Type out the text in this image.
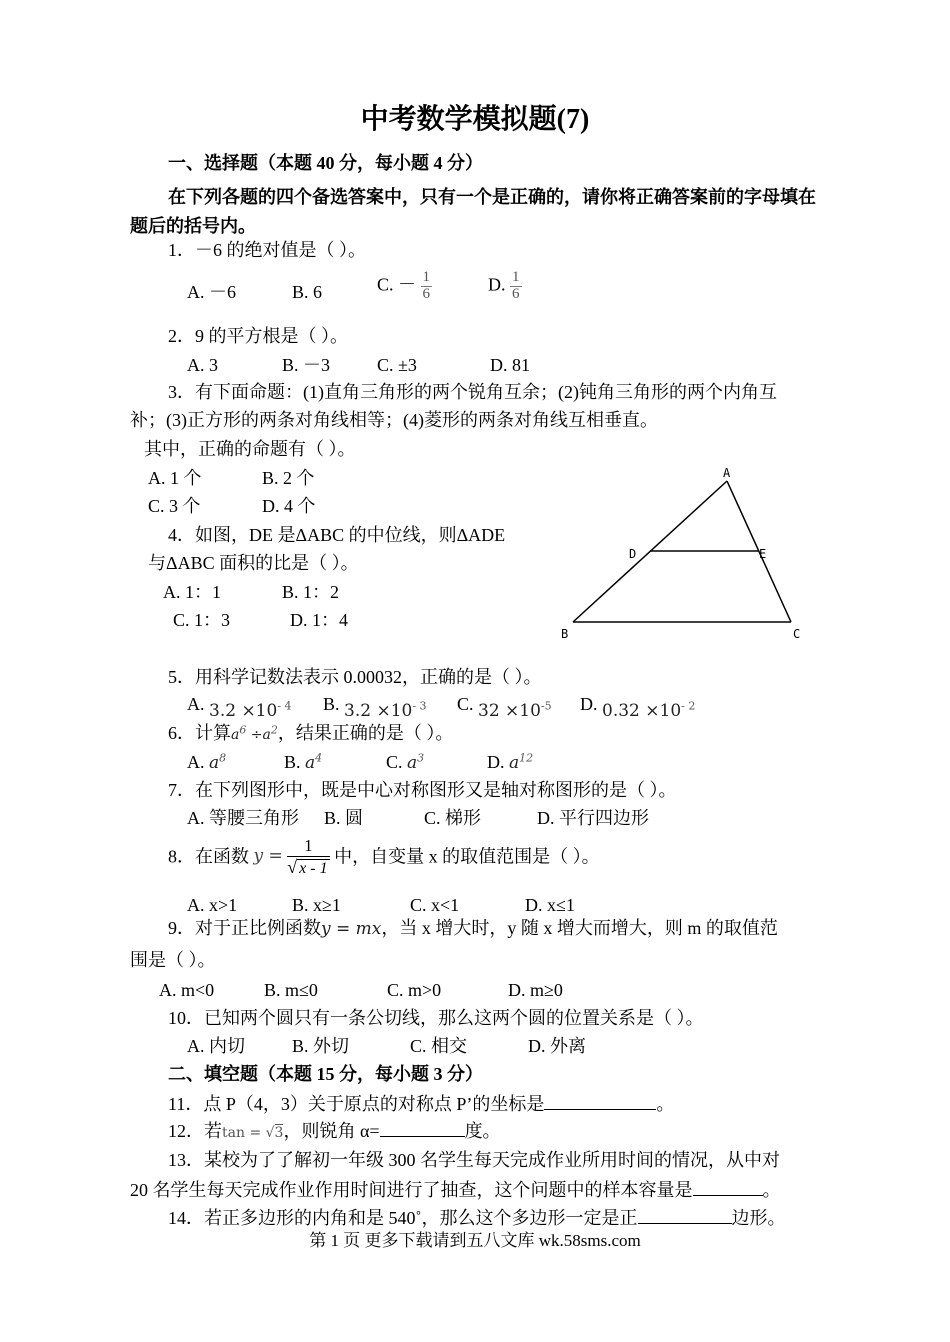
中考数学模拟题(7)
一、选择题（本题 40 分，每小题 4 分）
在下列各题的四个备选答案中，只有一个是正确的，请你将正确答案前的字母填在题后的括号内。
1．－6 的绝对值是（ ）。
A. －6	B. 6	C. － $\frac{1}{6}$	D. $\frac{1}{6}$
2．9 的平方根是（ ）。
A. 3	B. －3	C. ±3	D. 81
3．有下面命题：(1)直角三角形的两个锐角互余；(2)钝角三角形的两个内角互
补；(3)正方形的两条对角线相等；(4)菱形的两条对角线互相垂直。
其中，正确的命题有（ ）。
A. 1 个	B. 2 个
C. 3 个	D. 4 个
4．如图，DE 是ΔABC 的中位线，则ΔADE
与ΔABC 面积的比是（ ）。
A. 1：1	B. 1：2
C. 1：3	D. 1：4
A
B	C
D	E
5．用科学记数法表示 0.00032，正确的是（ ）。
A. $3.2 \times 10^{- 4}$ B. $3.2 \times 10^{- 3}$ C. $32 \times 10^{-5}$ D. $0.32 \times 10^{- 2}$
6．计算$a^6 \div a^2$，结果正确的是（ ）。
A. $a^8$	B. $a^4$	C. $a^3$	D. $a^{12}$
7．在下列图形中，既是中心对称图形又是轴对称图形的是（ ）。
A. 等腰三角形 B. 圆	C. 梯形	D. 平行四边形
8．在函数 $y = \frac{1}{√ x - 1}$ 中，自变量 x 的取值范围是（ ）。
A. x>1	B. x≥1	C. x<1	D. x≤1
9．对于正比例函数y = mx，当 x 增大时，y 随 x 增大而增大，则 m 的取值范
围是（ ）。
A. m<0	B. m≤0	C. m>0	D. m≥0
10．已知两个圆只有一条公切线，那么这两个圆的位置关系是（ ）。
A. 内切	B. 外切	C. 相交	D. 外离
二、填空题（本题 15 分，每小题 3 分）
11．点 P（4，3）关于原点的对称点 P’的坐标是	。
12．若tan = √3，则锐角 α=	度。
13．某校为了了解初一年级 300 名学生每天完成作业所用时间的情况，从中对
20 名学生每天完成作业作用时间进行了抽查，这个问题中的样本容量是	。
14．若正多边形的内角和是 540˚，那么这个多边形一定是正	边形。
第 1 页 更多下载请到五八文库 wk.58sms.com
